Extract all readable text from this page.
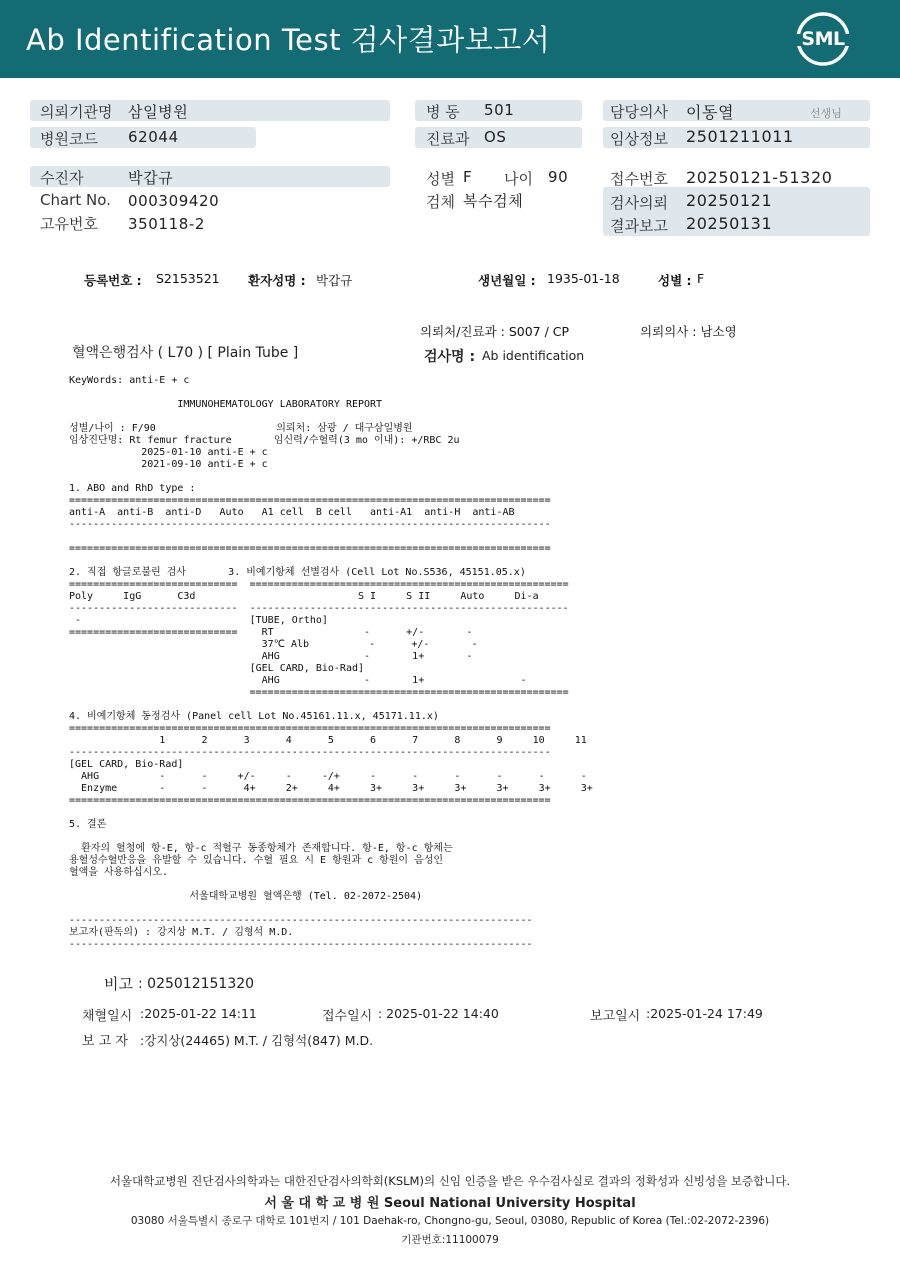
Ab Identification Test 검사결과보고서	SML
의뢰기관명 삼일병원
병원코드 62044
병 동 501
진료과 OS
담당의사 이동열	선생님
임상정보 2501211011
수진자	박갑규
Chart No. 000309420
고유번호 350118-2
성별 F 나이 90
검체 복수검체
접수번호 20250121-51320
검사의뢰 20250121
결과보고 20250131
등록번호 : S2153521 환자성명 : 박갑규	생년월일 : 1935-01-18	성별 : F
의뢰처/진료과 : S007 / CP	의뢰의사 : 남소영
혈액은행검사 ( L70 ) [ Plain Tube ]	검사명 : Ab identification
KeyWords: anti-E + c

IMMUNOHEMATOLOGY LABORATORY REPORT

성별/나이 : F/90                    의뢰처: 삼광 / 대구삼일병원
임상진단명: Rt femur fracture       임신력/수혈력(3 mo 이내): +/RBC 2u
2025-01-10 anti-E + c
2021-09-10 anti-E + c

1. ABO and RhD type :
================================================================================
anti-A  anti-B  anti-D   Auto   A1 cell  B cell   anti-A1  anti-H  anti-AB
--------------------------------------------------------------------------------

================================================================================

2. 직접 항글로불린 검사       3. 비예기항체 선별검사 (Cell Lot No.S536, 45151.05.x)
============================  =====================================================
Poly     IgG      C3d                           S I     S II     Auto     Di-a
----------------------------  -----------------------------------------------------
-                            [TUBE, Ortho]
============================    RT               -      +/-       -
37℃ Alb          -      +/-       -
AHG              -       1+       -
[GEL CARD, Bio-Rad]
AHG              -       1+                -
=====================================================

4. 비예기항체 동정검사 (Panel cell Lot No.45161.11.x, 45171.11.x)
================================================================================
1      2      3      4      5      6      7      8      9     10     11
--------------------------------------------------------------------------------
[GEL CARD, Bio-Rad]
AHG          -      -     +/-     -     -/+     -      -      -      -      -      -
Enzyme       -      -      4+     2+     4+     3+     3+     3+     3+     3+     3+
================================================================================

5. 결론

환자의 혈청에 항-E, 항-c 적혈구 동종항체가 존재합니다. 항-E, 항-c 항체는
용혈성수혈반응을 유발할 수 있습니다. 수혈 필요 시 E 항원과 c 항원이 음성인
혈액을 사용하십시오.

서울대학교병원 혈액은행 (Tel. 02-2072-2504)

-----------------------------------------------------------------------------
보고자(판독의) : 강지상 M.T. / 김형석 M.D.
-----------------------------------------------------------------------------
비고 : 025012151320
채혈일시 :2025-01-22 14:11	접수일시 : 2025-01-22 14:40	보고일시 :2025-01-24 17:49
보 고 자 :강지상(24465) M.T. / 김형석(847) M.D.
서울대학교병원 진단검사의학과는 대한진단검사의학회(KSLM)의 신임 인증을 받은 우수검사실로 결과의 정확성과 신빙성을 보증합니다.
서 울 대 학 교 병 원 Seoul National University Hospital
03080 서울특별시 종로구 대학로 101번지 / 101 Daehak-ro, Chongno-gu, Seoul, 03080, Republic of Korea (Tel.:02-2072-2396)
기관번호:11100079
